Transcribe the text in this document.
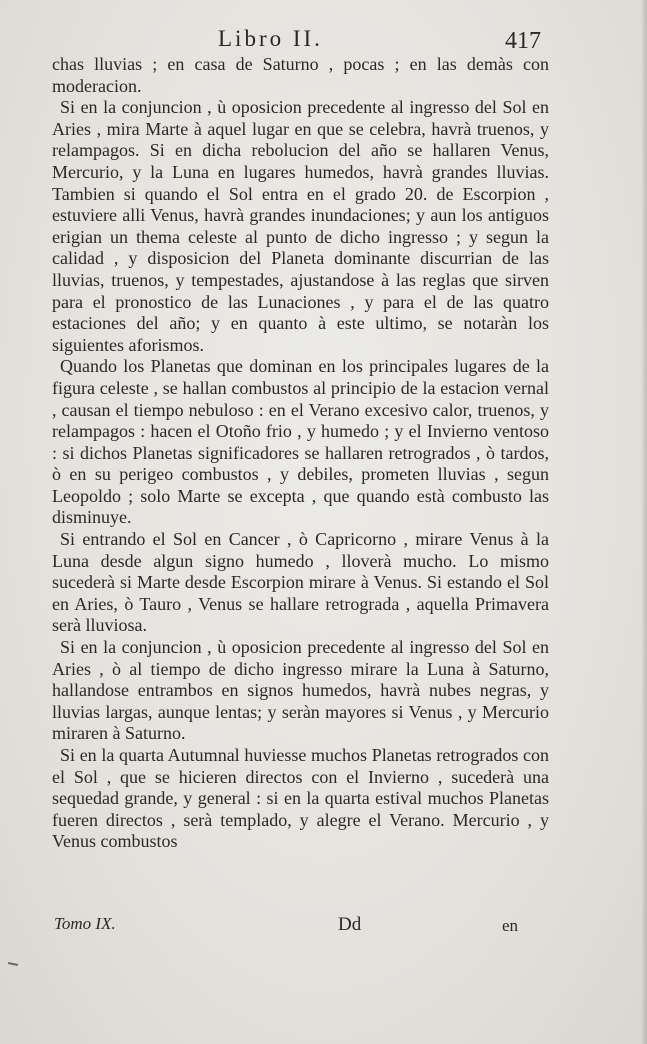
Libro II.	417

chas lluvias ; en casa de Saturno , pocas ; en las demàs con moderacion.

Si en la conjuncion , ù oposicion precedente al ingresso del Sol en Aries , mira Marte à aquel lugar en que se celebra, havrà truenos, y relampagos. Si en dicha rebolucion del año se hallaren Venus, Mercurio, y la Luna en lugares humedos, havrà grandes lluvias. Tambien si quando el Sol entra en el grado 20. de Escorpion , estuviere alli Venus, havrà grandes inundaciones; y aun los antiguos erigian un thema celeste al punto de dicho ingresso ; y segun la calidad , y disposicion del Planeta dominante discurrian de las lluvias, truenos, y tempestades, ajustandose à las reglas que sirven para el pronostico de las Lunaciones , y para el de las quatro estaciones del año; y en quanto à este ultimo, se notaràn los siguientes aforismos.

Quando los Planetas que dominan en los principales lugares de la figura celeste , se hallan combustos al principio de la estacion vernal , causan el tiempo nebuloso : en el Verano excesivo calor, truenos, y relampagos : hacen el Otoño frio , y humedo ; y el Invierno ventoso : si dichos Planetas significadores se hallaren retrogrados , ò tardos, ò en su perigeo combustos , y debiles, prometen lluvias , segun Leopoldo ; solo Marte se excepta , que quando està combusto las disminuye.

Si entrando el Sol en Cancer , ò Capricorno , mirare Venus à la Luna desde algun signo humedo , lloverà mucho. Lo mismo sucederà si Marte desde Escorpion mirare à Venus. Si estando el Sol en Aries, ò Tauro , Venus se hallare retrograda , aquella Primavera serà lluviosa.

Si en la conjuncion , ù oposicion precedente al ingresso del Sol en Aries , ò al tiempo de dicho ingresso mirare la Luna à Saturno, hallandose entrambos en signos humedos, havrà nubes negras, y lluvias largas, aunque lentas; y seràn mayores si Venus , y Mercurio miraren à Saturno.

Si en la quarta Autumnal huviesse muchos Planetas retrogrados con el Sol , que se hicieren directos con el Invierno , sucederà una sequedad grande, y general : si en la quarta estival muchos Planetas fueren directos , serà templado, y alegre el Verano. Mercurio , y Venus combustos

Tomo IX.	Dd	en
